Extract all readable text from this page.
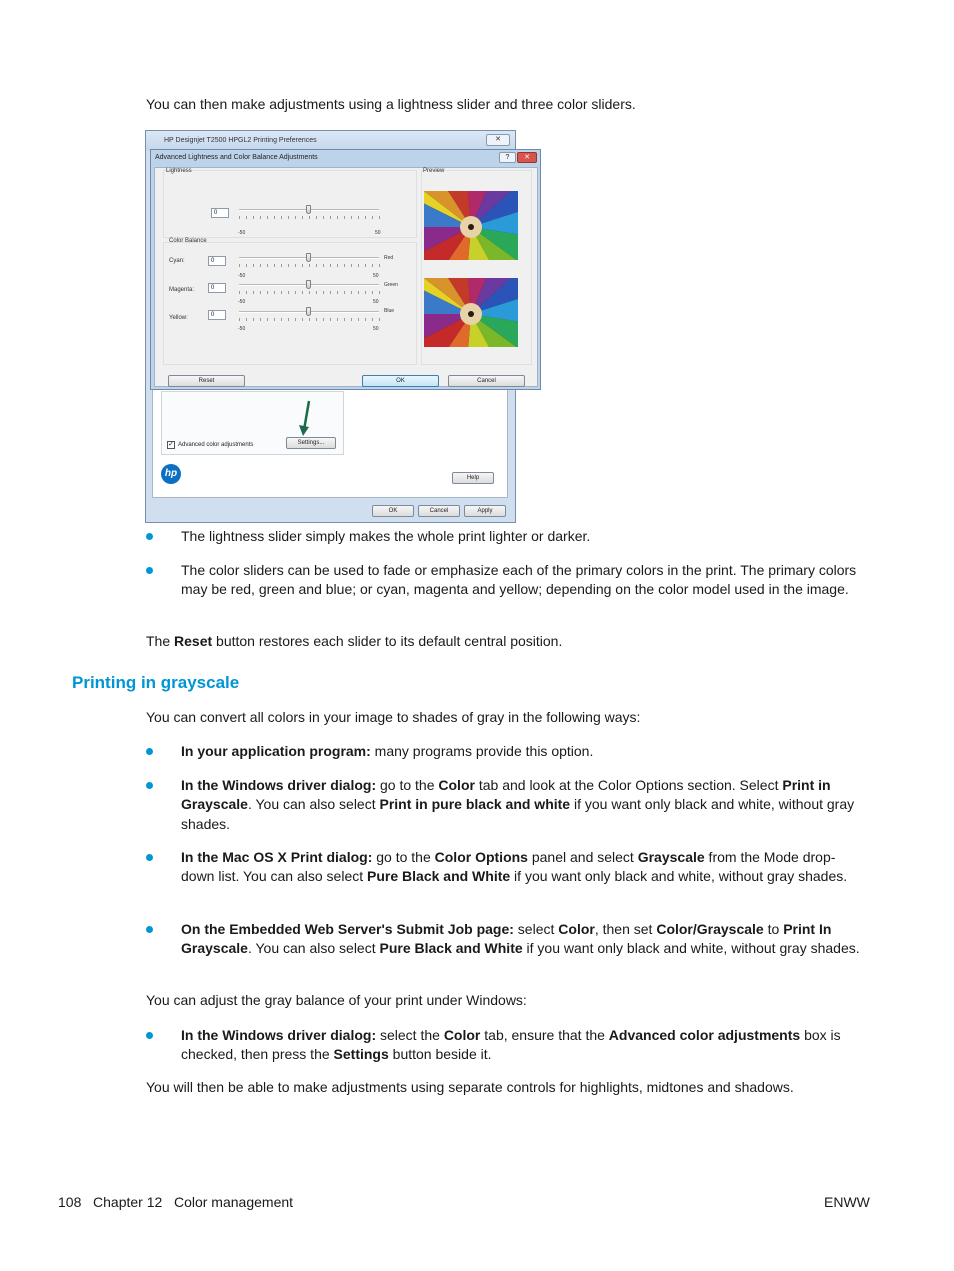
You can then make adjustments using a lightness slider and three color sliders.

HP Designjet T2500 HPGL2 Printing Preferences	✕
✓ Advanced color adjustments	Settings...
hp	Help
OK	Cancel	Apply
Advanced Lightness and Color Balance Adjustments	?	✕
Lightness
0
-50	50
Color Balance
Cyan:	0	Red
-50	50
Magenta:	0	Green
-50	50
Yellow:	0
Blue
-50	50
Preview
Reset	OK	Cancel
The lightness slider simply makes the whole print lighter or darker.
The color sliders can be used to fade or emphasize each of the primary colors in the print. The primary colors may be red, green and blue; or cyan, magenta and yellow; depending on the color model used in the image.

The Reset button restores each slider to its default central position.

Printing in grayscale

You can convert all colors in your image to shades of gray in the following ways:

In your application program: many programs provide this option.
In the Windows driver dialog: go to the Color tab and look at the Color Options section. Select Print in Grayscale. You can also select Print in pure black and white if you want only black and white, without gray shades.
In the Mac OS X Print dialog: go to the Color Options panel and select Grayscale from the Mode drop-down list. You can also select Pure Black and White if you want only black and white, without gray shades.
On the Embedded Web Server's Submit Job page: select Color, then set Color/Grayscale to Print In Grayscale. You can also select Pure Black and White if you want only black and white, without gray shades.

You can adjust the gray balance of your print under Windows:

In the Windows driver dialog: select the Color tab, ensure that the Advanced color adjustments box is checked, then press the Settings button beside it.

You will then be able to make adjustments using separate controls for highlights, midtones and shadows.

108   Chapter 12   Color management	ENWW
